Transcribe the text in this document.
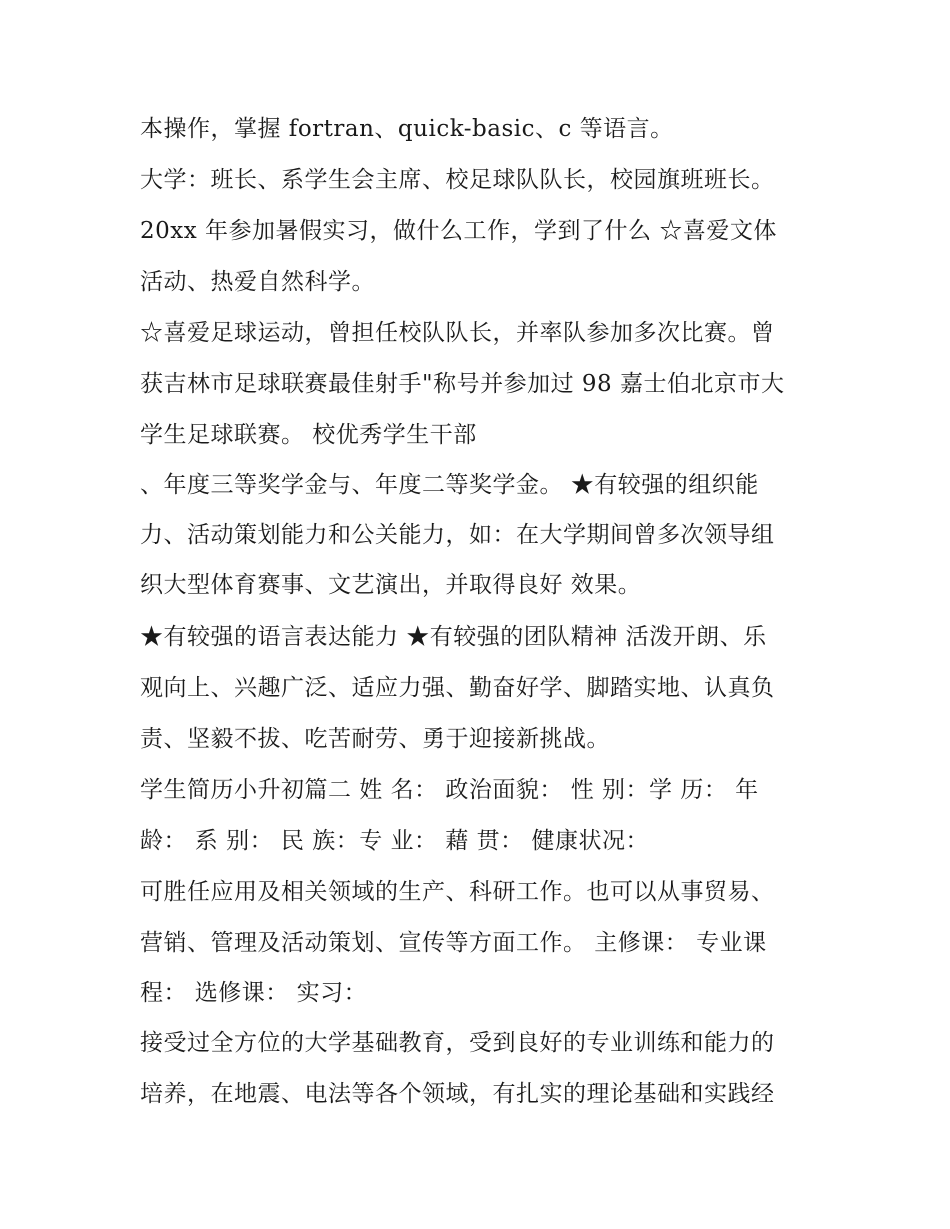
本操作，掌握 fortran、quick-basic、c 等语言。
大学：班长、系学生会主席、校足球队队长，校园旗班班长。
20xx 年参加暑假实习，做什么工作，学到了什么 ☆喜爱文体
活动、热爱自然科学。
☆喜爱足球运动，曾担任校队队长，并率队参加多次比赛。曾
获吉林市足球联赛最佳射手"称号并参加过 98 嘉士伯北京市大
学生足球联赛。 校优秀学生干部
、年度三等奖学金与、年度二等奖学金。 ★有较强的组织能
力、活动策划能力和公关能力，如：在大学期间曾多次领导组
织大型体育赛事、文艺演出，并取得良好 效果。
★有较强的语言表达能力 ★有较强的团队精神 活泼开朗、乐
观向上、兴趣广泛、适应力强、勤奋好学、脚踏实地、认真负
责、坚毅不拔、吃苦耐劳、勇于迎接新挑战。
学生简历小升初篇二 姓 名： 政治面貌： 性 别：学 历： 年
龄： 系 别： 民 族：专 业： 藉 贯： 健康状况：
可胜任应用及相关领域的生产、科研工作。也可以从事贸易、
营销、管理及活动策划、宣传等方面工作。 主修课： 专业课
程： 选修课： 实习：
接受过全方位的大学基础教育，受到良好的专业训练和能力的
培养，在地震、电法等各个领域，有扎实的理论基础和实践经
